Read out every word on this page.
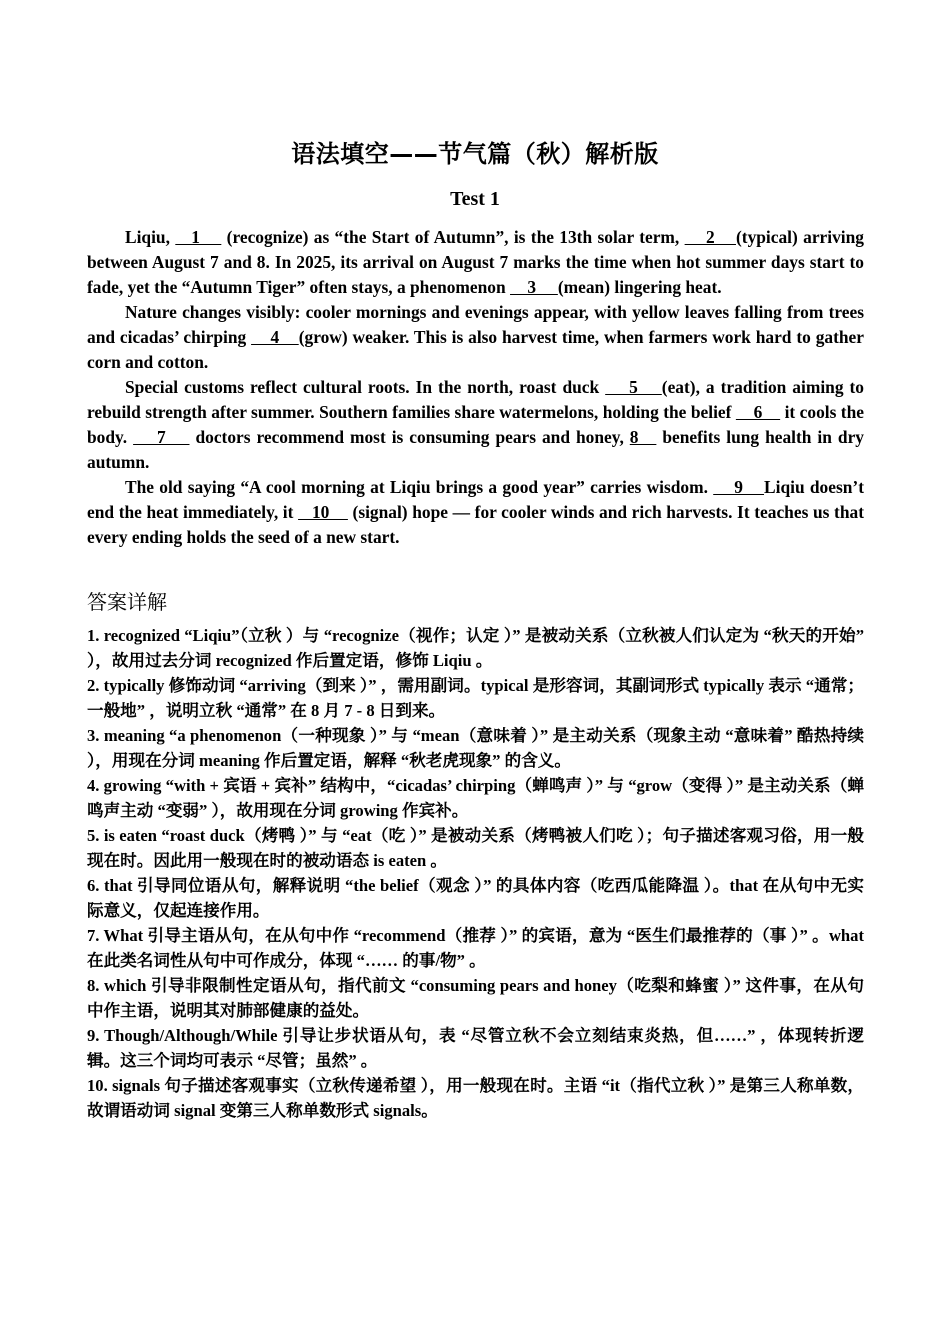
语法填空——节气篇（秋）解析版
Test 1

Liqiu,    1     (recognize) as “the Start of Autumn”, is the 13th solar term,     2    (typical) arriving between August 7 and 8. In 2025, its arrival on August 7 marks the time when hot summer days start to fade, yet the “Autumn Tiger” often stays, a phenomenon     3     (mean) lingering heat.

Nature changes visibly: cooler mornings and evenings appear, with yellow leaves falling from trees and cicadas’ chirping     4    (grow) weaker. This is also harvest time, when farmers work hard to gather corn and cotton.

Special customs reflect cultural roots. In the north, roast duck     5    (eat), a tradition aiming to rebuild strength after summer. Southern families share watermelons, holding the belief     6     it cools the body.     7     doctors recommend most is consuming pears and honey, 8    benefits lung health in dry autumn.

The old saying “A cool morning at Liqiu brings a good year” carries wisdom.     9    Liqiu doesn’t end the heat immediately, it    10     (signal) hope — for cooler winds and rich harvests. It teaches us that every ending holds the seed of a new start.

答案详解
1. recognized “Liqiu”（立秋 ）与 “recognize（视作；认定 ）” 是被动关系（立秋被人们认定为 “秋天的开始” ），故用过去分词 recognized 作后置定语，修饰 Liqiu 。
2. typically 修饰动词 “arriving（到来 ）” ，需用副词。typical 是形容词，其副词形式 typically 表示 “通常；一般地” ，说明立秋 “通常” 在 8 月 7 - 8 日到来。
3. meaning “a phenomenon（一种现象 ）” 与 “mean（意味着 ）” 是主动关系（现象主动 “意味着” 酷热持续 ），用现在分词 meaning 作后置定语，解释 “秋老虎现象” 的含义。
4. growing “with + 宾语 + 宾补” 结构中，“cicadas’ chirping（蝉鸣声 ）” 与 “grow（变得 ）” 是主动关系（蝉鸣声主动 “变弱” ），故用现在分词 growing 作宾补。
5. is eaten “roast duck（烤鸭 ）” 与 “eat（吃 ）” 是被动关系（烤鸭被人们吃 ）；句子描述客观习俗，用一般现在时。因此用一般现在时的被动语态 is eaten 。
6. that 引导同位语从句，解释说明 “the belief（观念 ）” 的具体内容（吃西瓜能降温 ）。that 在从句中无实际意义，仅起连接作用。
7. What 引导主语从句，在从句中作 “recommend（推荐 ）” 的宾语，意为 “医生们最推荐的（事 ）” 。what 在此类名词性从句中可作成分，体现 “…… 的事/物” 。
8. which 引导非限制性定语从句，指代前文 “consuming pears and honey（吃梨和蜂蜜 ）” 这件事，在从句中作主语，说明其对肺部健康的益处。
9. Though/Although/While 引导让步状语从句，表 “尽管立秋不会立刻结束炎热，但……” ，体现转折逻辑。这三个词均可表示 “尽管；虽然” 。
10. signals 句子描述客观事实（立秋传递希望 ），用一般现在时。主语 “it（指代立秋 ）” 是第三人称单数，故谓语动词 signal 变第三人称单数形式 signals。
